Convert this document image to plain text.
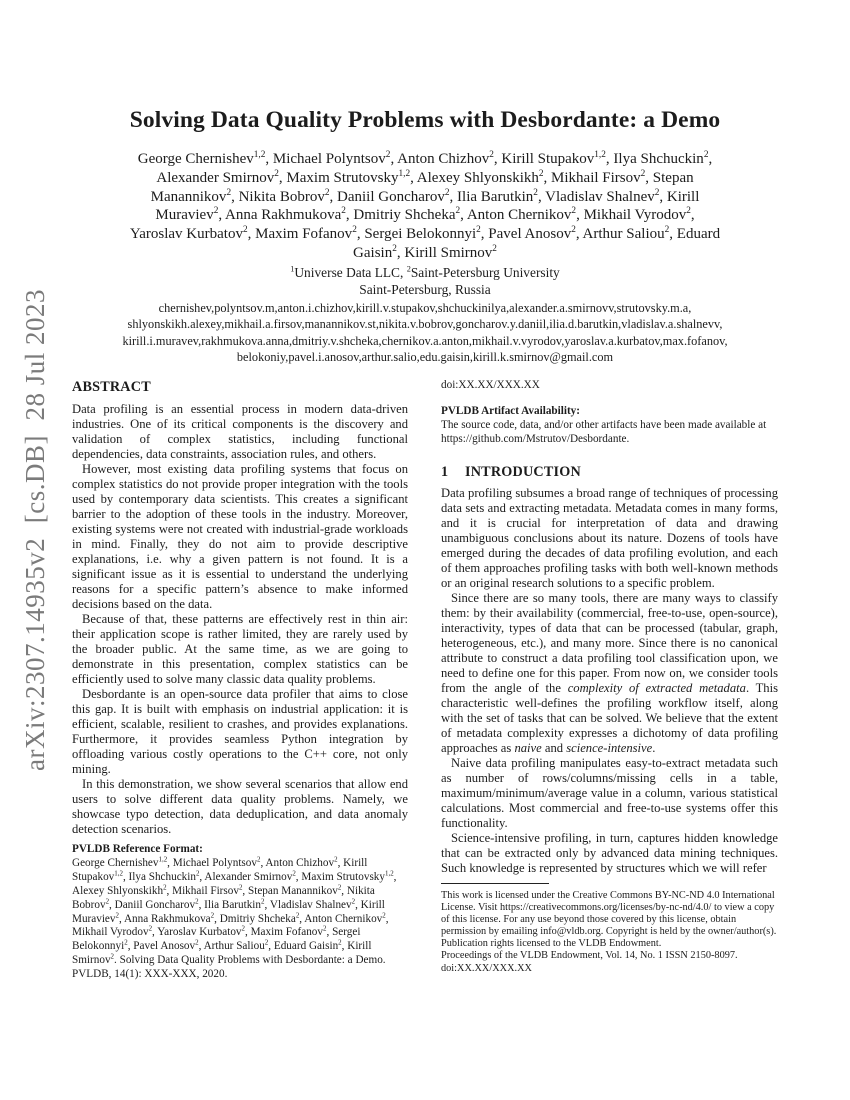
arXiv:2307.14935v2  [cs.DB]  28 Jul 2023
Solving Data Quality Problems with Desbordante: a Demo
George Chernishev$^{1,2}$, Michael Polyntsov$^2$, Anton Chizhov$^2$, Kirill Stupakov$^{1,2}$, Ilya Shchuckin$^2$,
Alexander Smirnov$^2$, Maxim Strutovsky$^{1,2}$, Alexey Shlyonskikh$^2$, Mikhail Firsov$^2$, Stepan
Manannikov$^2$, Nikita Bobrov$^2$, Daniil Goncharov$^2$, Ilia Barutkin$^2$, Vladislav Shalnev$^2$, Kirill
Muraviev$^2$, Anna Rakhmukova$^2$, Dmitriy Shcheka$^2$, Anton Chernikov$^2$, Mikhail Vyrodov$^2$,
Yaroslav Kurbatov$^2$, Maxim Fofanov$^2$, Sergei Belokonnyi$^2$, Pavel Anosov$^2$, Arthur Saliou$^2$, Eduard
Gaisin$^2$, Kirill Smirnov$^2$
$^1$Universe Data LLC, $^2$Saint-Petersburg University
Saint-Petersburg, Russia
chernishev,polyntsov.m,anton.i.chizhov,kirill.v.stupakov,shchuckinilya,alexander.a.smirnovv,strutovsky.m.a,
shlyonskikh.alexey,mikhail.a.firsov,manannikov.st,nikita.v.bobrov,goncharov.y.daniil,ilia.d.barutkin,vladislav.a.shalnevv,
kirill.i.muravev,rakhmukova.anna,dmitriy.v.shcheka,chernikov.a.anton,mikhail.v.vyrodov,yaroslav.a.kurbatov,max.fofanov,
belokoniy,pavel.i.anosov,arthur.salio,edu.gaisin,kirill.k.smirnov@gmail.com
ABSTRACT

Data profiling is an essential process in modern data-driven industries. One of its critical components is the discovery and validation of complex statistics, including functional dependencies, data constraints, association rules, and others.

However, most existing data profiling systems that focus on complex statistics do not provide proper integration with the tools used by contemporary data scientists. This creates a significant barrier to the adoption of these tools in the industry. Moreover, existing systems were not created with industrial-grade workloads in mind. Finally, they do not aim to provide descriptive explanations, i.e. why a given pattern is not found. It is a significant issue as it is essential to understand the underlying reasons for a specific pattern’s absence to make informed decisions based on the data.

Because of that, these patterns are effectively rest in thin air: their application scope is rather limited, they are rarely used by the broader public. At the same time, as we are going to demonstrate in this presentation, complex statistics can be efficiently used to solve many classic data quality problems.

Desbordante is an open-source data profiler that aims to close this gap. It is built with emphasis on industrial application: it is efficient, scalable, resilient to crashes, and provides explanations. Furthermore, it provides seamless Python integration by offloading various costly operations to the C++ core, not only mining.

In this demonstration, we show several scenarios that allow end users to solve different data quality problems. Namely, we showcase typo detection, data deduplication, and data anomaly detection scenarios.

PVLDB Reference Format:
George Chernishev$^{1,2}$, Michael Polyntsov$^2$, Anton Chizhov$^2$, Kirill Stupakov$^{1,2}$, Ilya Shchuckin$^2$, Alexander Smirnov$^2$, Maxim Strutovsky$^{1,2}$, Alexey Shlyonskikh$^2$, Mikhail Firsov$^2$, Stepan Manannikov$^2$, Nikita Bobrov$^2$, Daniil Goncharov$^2$, Ilia Barutkin$^2$, Vladislav Shalnev$^2$, Kirill Muraviev$^2$, Anna Rakhmukova$^2$, Dmitriy Shcheka$^2$, Anton Chernikov$^2$, Mikhail Vyrodov$^2$, Yaroslav Kurbatov$^2$, Maxim Fofanov$^2$, Sergei Belokonnyi$^2$, Pavel Anosov$^2$, Arthur Saliou$^2$, Eduard Gaisin$^2$, Kirill Smirnov$^2$. Solving Data Quality Problems with Desbordante: a Demo. PVLDB, 14(1): XXX-XXX, 2020.
doi:XX.XX/XXX.XX
PVLDB Artifact Availability:
The source code, data, and/or other artifacts have been made available at https://github.com/Mstrutov/Desbordante.
1 INTRODUCTION

Data profiling subsumes a broad range of techniques of processing data sets and extracting metadata. Metadata comes in many forms, and it is crucial for interpretation of data and drawing unambiguous conclusions about its nature. Dozens of tools have emerged during the decades of data profiling evolution, and each of them approaches profiling tasks with both well-known methods or an original research solutions to a specific problem.

Since there are so many tools, there are many ways to classify them: by their availability (commercial, free-to-use, open-source), interactivity, types of data that can be processed (tabular, graph, heterogeneous, etc.), and many more. Since there is no canonical attribute to construct a data profiling tool classification upon, we need to define one for this paper. From now on, we consider tools from the angle of the complexity of extracted metadata. This characteristic well-defines the profiling workflow itself, along with the set of tasks that can be solved. We believe that the extent of metadata complexity expresses a dichotomy of data profiling approaches as naive and science-intensive.

Naive data profiling manipulates easy-to-extract metadata such as number of rows/columns/missing cells in a table, maximum/minimum/average value in a column, various statistical calculations. Most commercial and free-to-use systems offer this functionality.

Science-intensive profiling, in turn, captures hidden knowledge that can be extracted only by advanced data mining techniques. Such knowledge is represented by structures which we will refer

This work is licensed under the Creative Commons BY-NC-ND 4.0 International License. Visit https://creativecommons.org/licenses/by-nc-nd/4.0/ to view a copy of this license. For any use beyond those covered by this license, obtain permission by emailing info@vldb.org. Copyright is held by the owner/author(s). Publication rights licensed to the VLDB Endowment.
Proceedings of the VLDB Endowment, Vol. 14, No. 1 ISSN 2150-8097.
doi:XX.XX/XXX.XX
